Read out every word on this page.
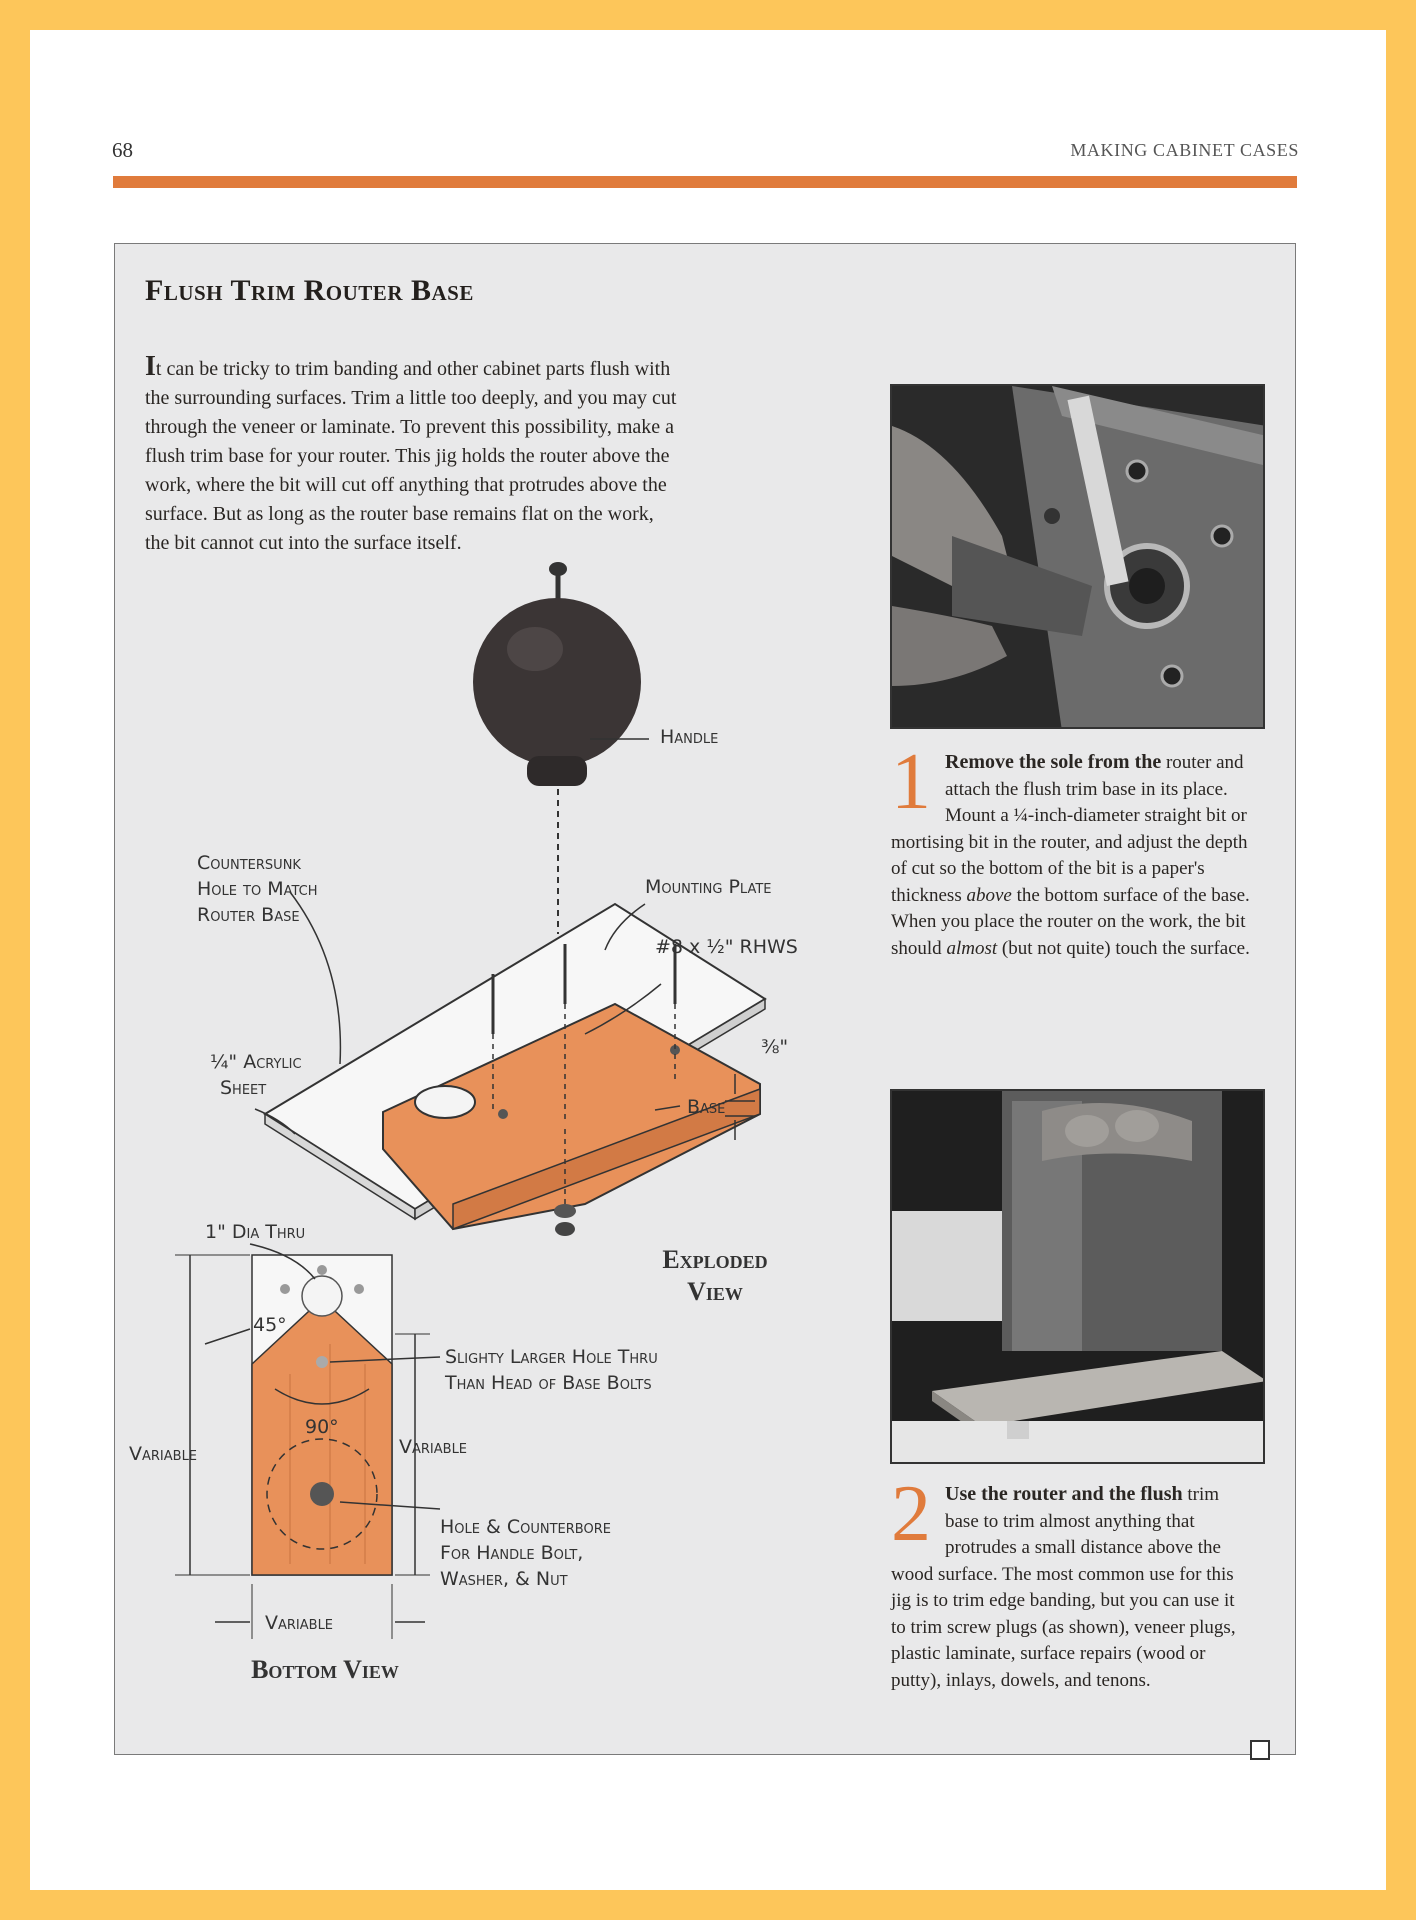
68	MAKING CABINET CASES
Flush Trim Router Base

It can be tricky to trim banding and other cabinet parts flush with the surrounding surfaces. Trim a little too deeply, and you may cut through the veneer or laminate. To prevent this possibility, make a flush trim base for your router. This jig holds the router above the work, where the bit will cut off anything that protrudes above the surface. But as long as the router base remains flat on the work, the bit cannot cut into the surface itself.

Handle
Countersunk
Hole to Match
Router Base
Mounting Plate
#8 x ½" RHWS
¼" Acrylic
Sheet
⅜"
Base
Exploded
View
1" Dia Thru
45°
90°
Slighty Larger Hole Thru
Than Head of Base Bolts
Variable	Variable
Hole & Counterbore
For Handle Bolt,
Washer, & Nut
Variable
Bottom View

1 Remove the sole from the router and attach the flush trim base in its place. Mount a ¼-inch-diameter straight bit or mortising bit in the router, and adjust the depth of cut so the bottom of the bit is a paper's thickness above the bottom surface of the base. When you place the router on the work, the bit should almost (but not quite) touch the surface.

2 Use the router and the flush trim base to trim almost anything that protrudes a small distance above the wood surface. The most common use for this jig is to trim edge banding, but you can use it to trim screw plugs (as shown), veneer plugs, plastic laminate, surface repairs (wood or putty), inlays, dowels, and tenons.
